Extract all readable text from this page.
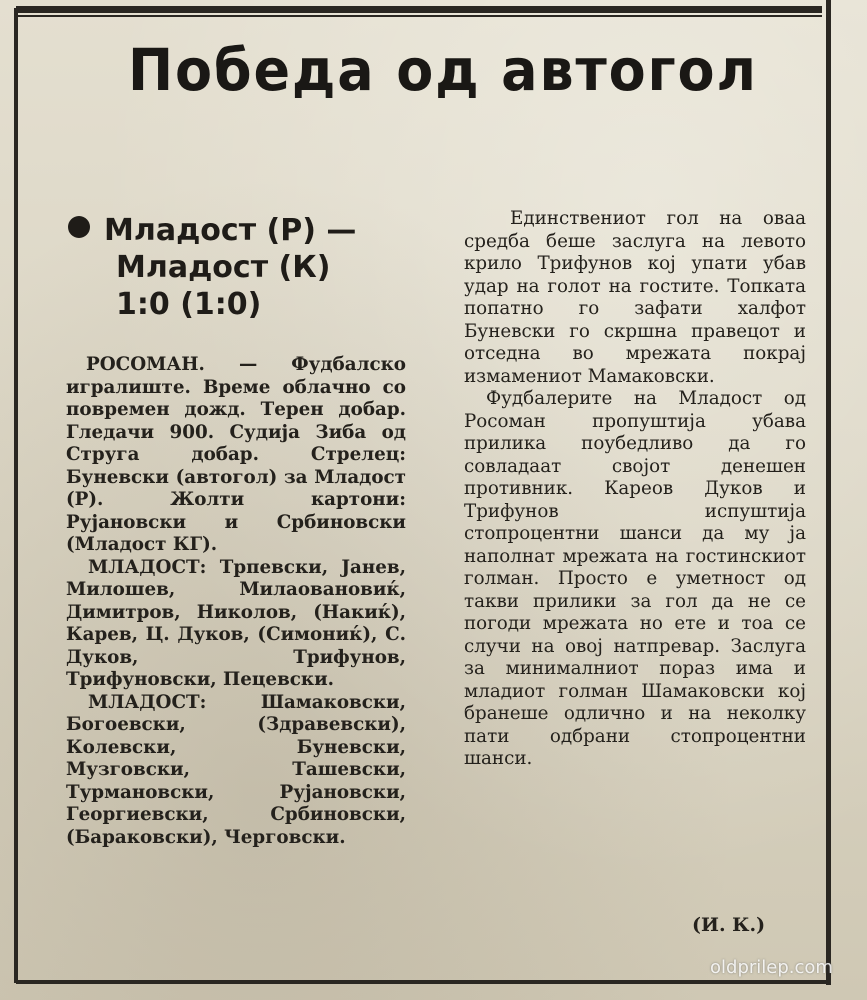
Победа од автогол
Младост (Р) —
Младост (К)
1:0 (1:0)

РОСОМАН. — Фудбалско игралиште. Време облачно со повремен дожд. Терен добар. Гледачи 900. Судија Зиба од Струга добар. Стрелец: Буневски (автогол) за Младост (Р). Жолти картони: Рујановски и Србиновски (Младост КГ).

МЛАДОСТ: Трпевски, Јанев, Милошев, Милаовановиќ, Димитров, Николов, (Накиќ), Карев, Ц. Дуков, (Симониќ), С. Дуков, Трифунов, Трифуновски, Пецевски.

МЛАДОСТ: Шамаковски, Богоевски, (Здравевски), Колевски, Буневски, Музговски, Ташевски, Турмановски, Рујановски, Георгиевски, Србиновски, (Бараковски), Черговски.

Единствениот гол на оваа средба беше заслуга на левото крило Трифунов кој упати убав удар на голот на гостите. Топката попатно го зафати халфот Буневски го скршна правецот и отседна во мрежата покрај измамениот Мамаковски.

Фудбалерите на Младост од Росоман пропуштија убава прилика поубедливо да го совладаат својот денешен противник. Кареов Дуков и Трифунов испуштија стопроцентни шанси да му ја наполнат мрежата на гостинскиот голман. Просто е уметност од такви прилики за гол да не се погоди мрежата но ете и тоа се случи на овој натпревар. Заслуга за минималниот пораз има и младиот голман Шамаковски кој бранеше одлично и на неколку пати одбрани стопроцентни шанси.

(И. К.)
oldprilep.com
